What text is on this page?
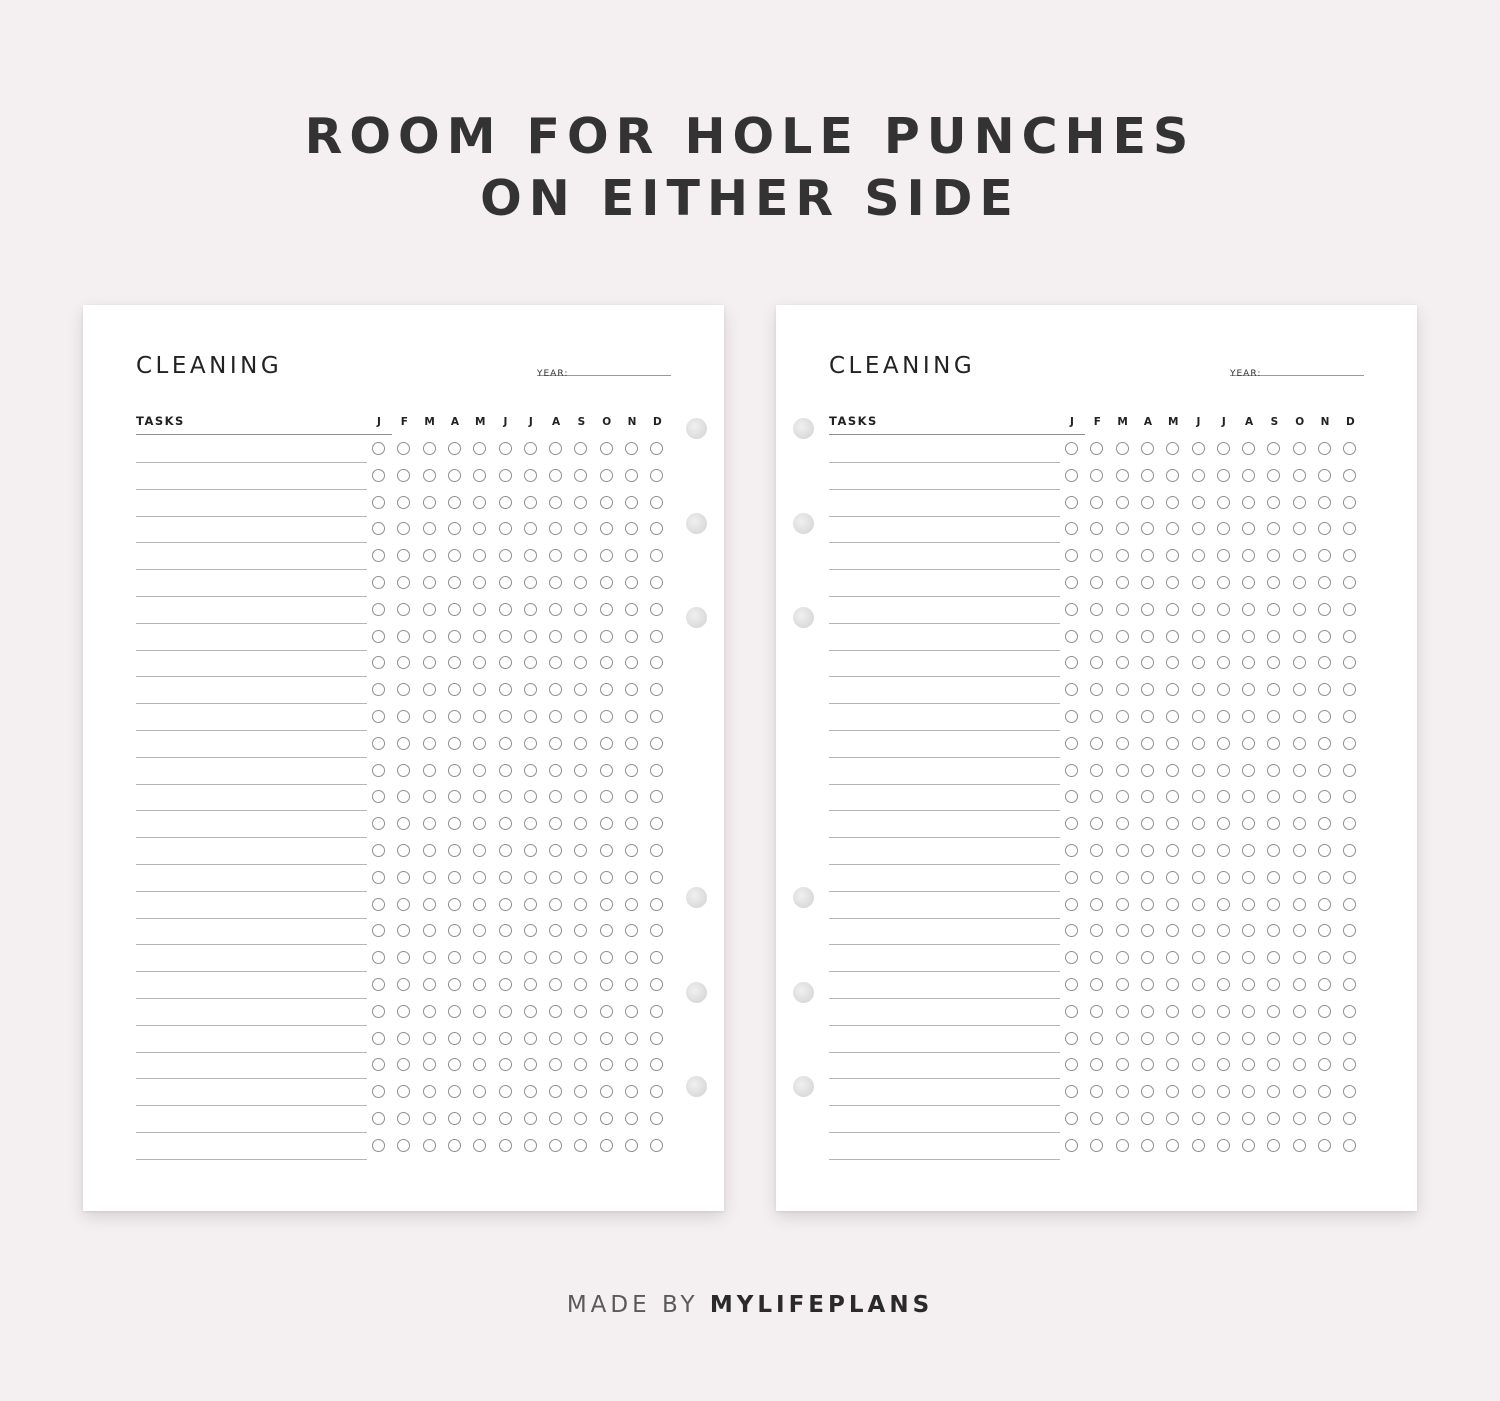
ROOM FOR HOLE PUNCHES
ON EITHER SIDE
CLEANING	YEAR:
TASKS	J	F	M	A	M	J	J	A	S	O	N	D
CLEANING	YEAR:
TASKS	J	F	M	A	M	J	J	A	S	O	N	D
MADE BY MYLIFEPLANS
